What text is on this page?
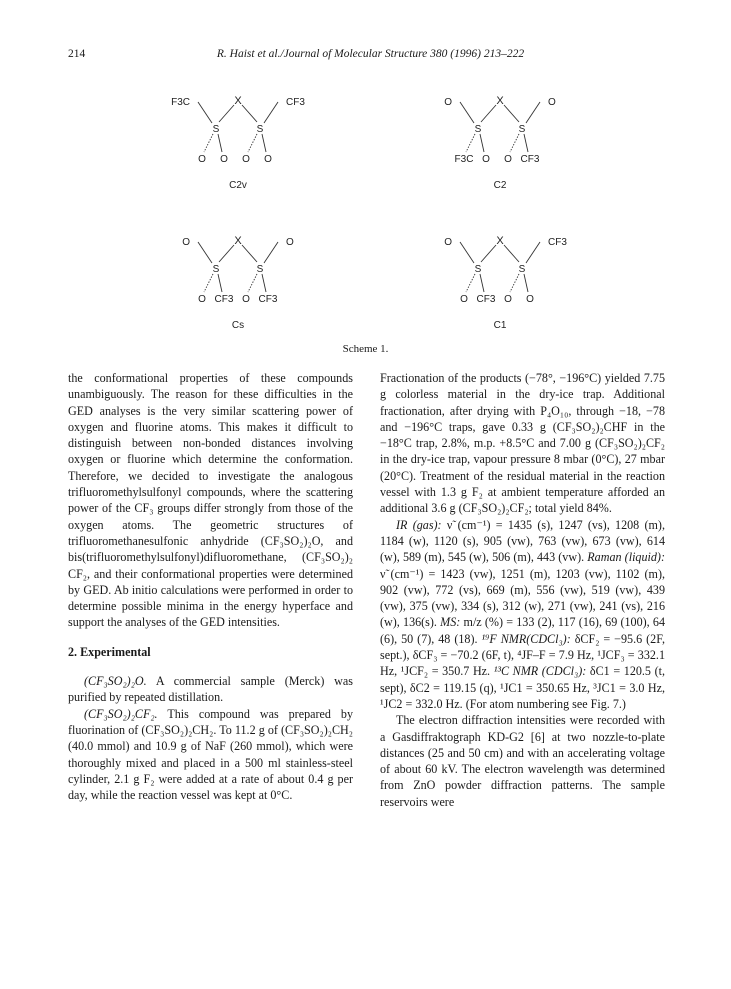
214	R. Haist et al./Journal of Molecular Structure 380 (1996) 213–222
X
S	S
F3C	CF3
O O O O
C2v
X
S	S
O	O
F3C O O CF3
C2
X
S	S
O	O
O CF3 O CF3
Cs
X
S	S
O	CF3
O CF3 O O
C1
Scheme 1.

the conformational properties of these compounds unambiguously. The reason for these difficulties in the GED analyses is the very similar scattering power of oxygen and fluorine atoms. This makes it difficult to distinguish between non-bonded distances involving oxygen or fluorine which determine the conformation. Therefore, we decided to investigate the analogous trifluoromethylsulfonyl compounds, where the scattering power of the CF₃ groups differ strongly from those of the oxygen atoms. The geometric structures of trifluoromethanesulfonic anhydride (CF₃SO₂)₂O, and bis(trifluoromethylsulfonyl)difluoromethane, (CF₃SO₂)₂ CF₂, and their conformational properties were determined by GED. Ab initio calculations were performed in order to determine possible minima in the energy hyperface and support the analyses of the GED intensities.

2. Experimental

(CF₃SO₂)₂O. A commercial sample (Merck) was purified by repeated distillation.

(CF₃SO₂)₂CF₂. This compound was prepared by fluorination of (CF₃SO₂)₂CH₂. To 11.2 g of (CF₃SO₂)₂CH₂ (40.0 mmol) and 10.9 g of NaF (260 mmol), which were thoroughly mixed and placed in a 500 ml stainless-steel cylinder, 2.1 g F₂ were added at a rate of about 0.4 g per day, while the reaction vessel was kept at 0°C.

Fractionation of the products (−78°, −196°C) yielded 7.75 g colorless material in the dry-ice trap. Additional fractionation, after drying with P₄O₁₀, through −18, −78 and −196°C traps, gave 0.33 g (CF₃SO₂)₂CHF in the −18°C trap, 2.8%, m.p. +8.5°C and 7.00 g (CF₃SO₂)₂CF₂ in the dry-ice trap, vapour pressure 8 mbar (0°C), 27 mbar (20°C). Treatment of the residual material in the reaction vessel with 1.3 g F₂ at ambient temperature afforded an additional 3.6 g (CF₃SO₂)₂CF₂; total yield 84%.

IR (gas): ν̃ (cm⁻¹) = 1435 (s), 1247 (vs), 1208 (m), 1184 (w), 1120 (s), 905 (vw), 763 (vw), 673 (vw), 614 (w), 589 (m), 545 (w), 506 (m), 443 (vw). Raman (liquid): ν̃ (cm⁻¹) = 1423 (vw), 1251 (m), 1203 (vw), 1102 (m), 902 (vw), 772 (vs), 669 (m), 556 (vw), 519 (vw), 439 (vw), 375 (vw), 334 (s), 312 (w), 271 (vw), 241 (vs), 216 (w), 136(s). MS: m/z (%) = 133 (2), 117 (16), 69 (100), 64 (6), 50 (7), 48 (18). ¹⁹F NMR(CDCl₃): δCF₂ = −95.6 (2F, sept.), δCF₃ = −70.2 (6F, t), ⁴JF–F = 7.9 Hz, ¹JCF₃ = 332.1 Hz, ¹JCF₂ = 350.7 Hz. ¹³C NMR (CDCl₃): δC1 = 120.5 (t, sept), δC2 = 119.15 (q), ¹JC1 = 350.65 Hz, ³JC1 = 3.0 Hz, ¹JC2 = 332.0 Hz. (For atom numbering see Fig. 7.)

The electron diffraction intensities were recorded with a Gasdiffraktograph KD-G2 [6] at two nozzle-to-plate distances (25 and 50 cm) and with an accelerating voltage of about 60 kV. The electron wavelength was determined from ZnO powder diffraction patterns. The sample reservoirs were
